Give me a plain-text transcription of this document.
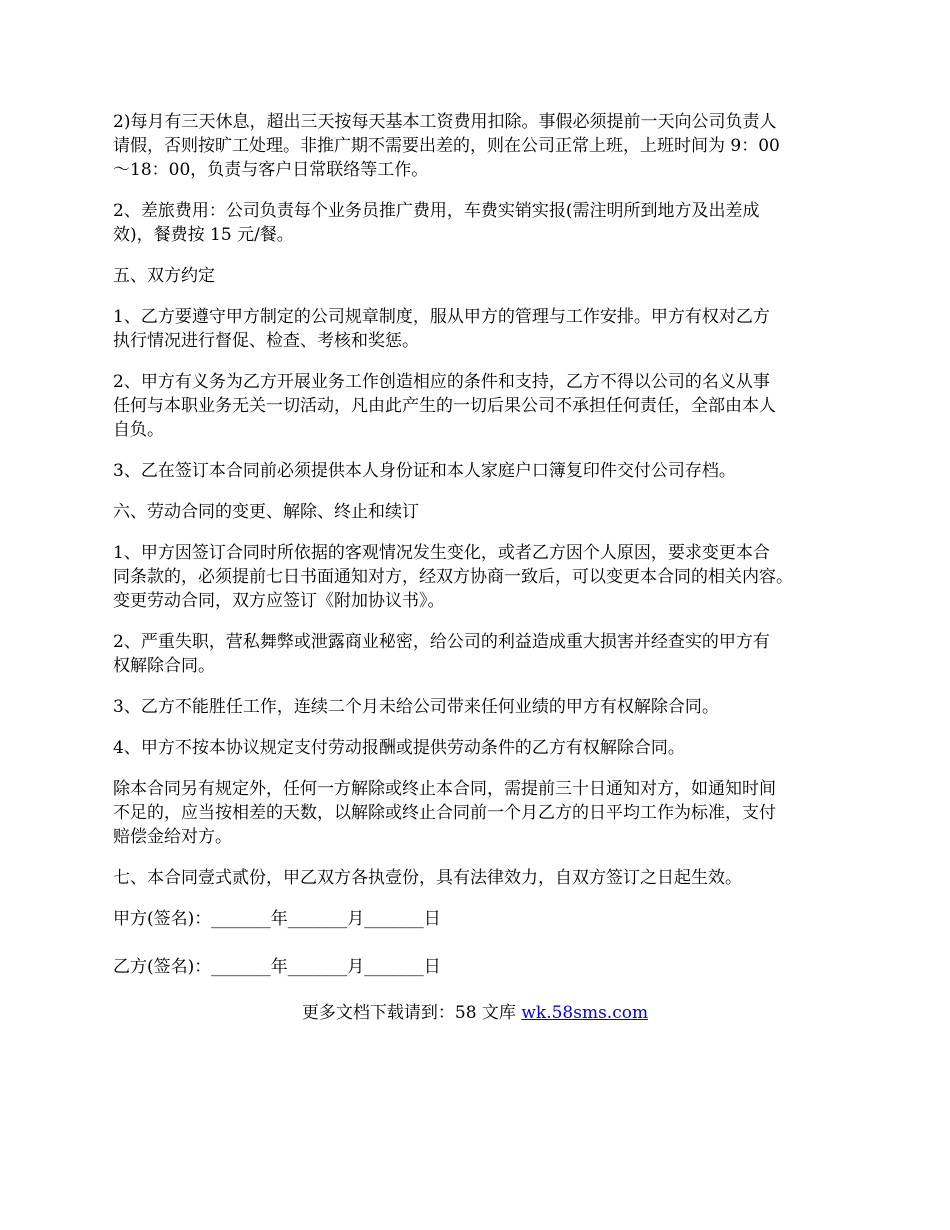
2)每月有三天休息，超出三天按每天基本工资费用扣除。事假必须提前一天向公司负责人
请假，否则按旷工处理。非推广期不需要出差的，则在公司正常上班，上班时间为 9：00
～18：00，负责与客户日常联络等工作。
2、差旅费用：公司负责每个业务员推广费用，车费实销实报(需注明所到地方及出差成
效)，餐费按 15 元/餐。
五、双方约定
1、乙方要遵守甲方制定的公司规章制度，服从甲方的管理与工作安排。甲方有权对乙方
执行情况进行督促、检查、考核和奖惩。
2、甲方有义务为乙方开展业务工作创造相应的条件和支持，乙方不得以公司的名义从事
任何与本职业务无关一切活动，凡由此产生的一切后果公司不承担任何责任，全部由本人
自负。
3、乙在签订本合同前必须提供本人身份证和本人家庭户口簿复印件交付公司存档。
六、劳动合同的变更、解除、终止和续订
1、甲方因签订合同时所依据的客观情况发生变化，或者乙方因个人原因，要求变更本合
同条款的，必须提前七日书面通知对方，经双方协商一致后，可以变更本合同的相关内容。
变更劳动合同，双方应签订《附加协议书》。
2、严重失职，营私舞弊或泄露商业秘密，给公司的利益造成重大损害并经查实的甲方有
权解除合同。
3、乙方不能胜任工作，连续二个月未给公司带来任何业绩的甲方有权解除合同。
4、甲方不按本协议规定支付劳动报酬或提供劳动条件的乙方有权解除合同。
除本合同另有规定外，任何一方解除或终止本合同，需提前三十日通知对方，如通知时间
不足的，应当按相差的天数，以解除或终止合同前一个月乙方的日平均工作为标准，支付
赔偿金给对方。
七、本合同壹式贰份，甲乙双方各执壹份，具有法律效力，自双方签订之日起生效。
甲方(签名)：_______年_______月_______日
乙方(签名)：_______年_______月_______日
更多文档下载请到：58 文库 wk.58sms.com
